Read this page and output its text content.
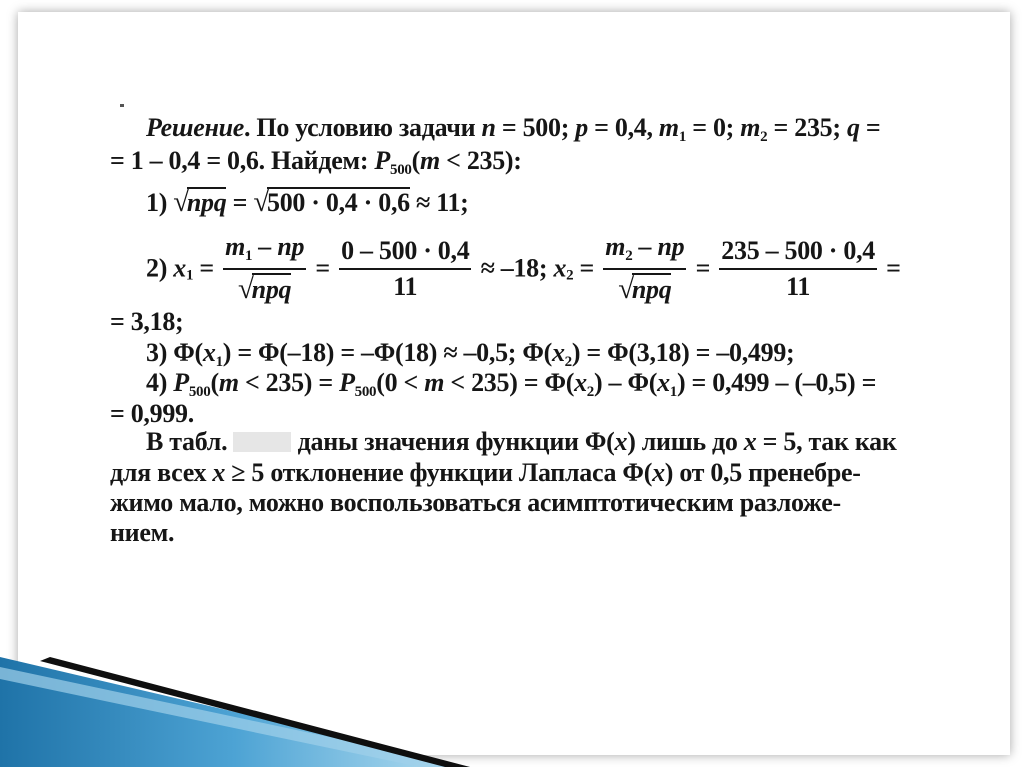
Решение. По условию задачи n = 500; p = 0,4, $m_1 = 0$; $m_2 = 235$; q =
= 1 – 0,4 = 0,6. Найдем: $P_{500}(m < 235)$:
1) √npq = √500 · 0,4 · 0,6 ≈ 11;
2) $x_1 = \frac{m_1 - np}{\text{√npq}} = \frac{0 - 500 \cdot 0,4}{11} \approx -18$; $x_2 = \frac{m_2 - np}{\text{√npq}} = \frac{235 - 500 \cdot 0,4}{11}$ =
= 3,18;
3) $\Phi(x_1) = \Phi(-18) = -\Phi(18) \approx -0,5$; $\Phi(x_2) = \Phi(3,18) = -0,499$;
4) $P_{500}(m < 235) = P_{500}(0 < m < 235) = \Phi(x_2) - \Phi(x_1) = 0,499 - (-0,5)$ =
= 0,999.
В табл.  даны значения функции Φ(x) лишь до x = 5, так как
для всех x ≥ 5 отклонение функции Лапласа Φ(x) от 0,5 пренебре-
жимо мало, можно воспользоваться асимптотическим разложе-
нием.
